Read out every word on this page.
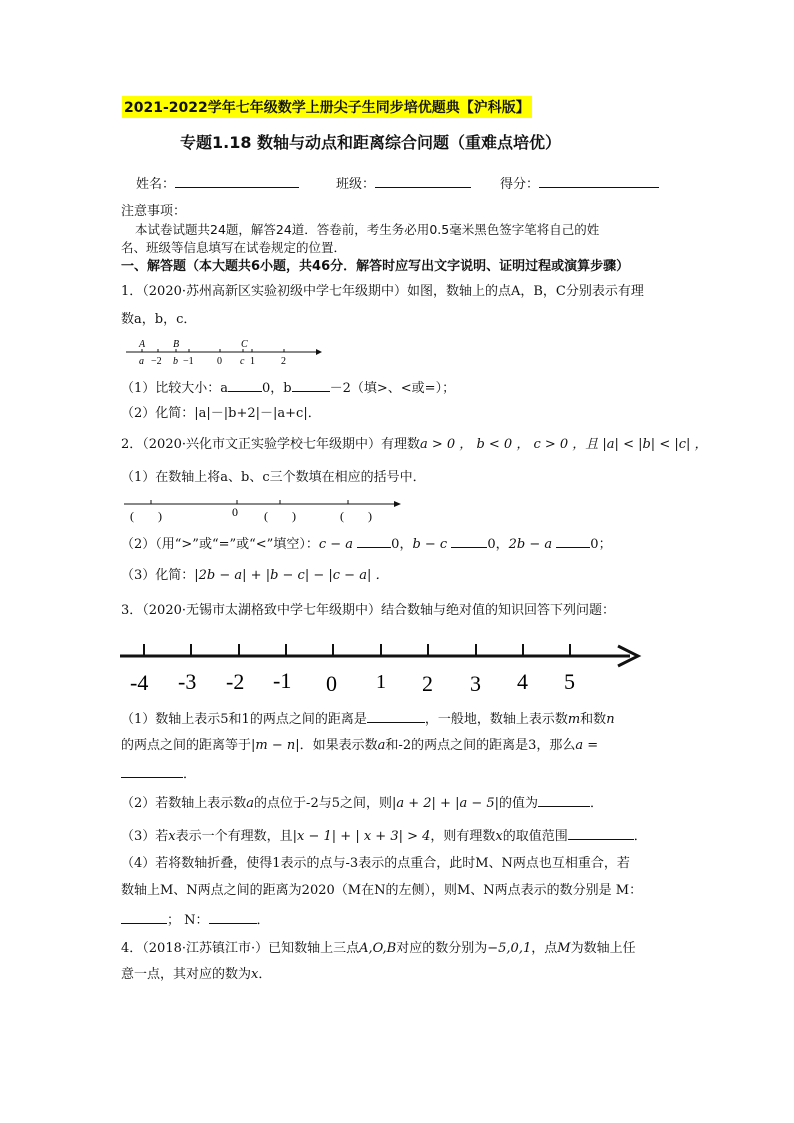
2021-2022学年七年级数学上册尖子生同步培优题典【沪科版】
专题1.18 数轴与动点和距离综合问题（重难点培优）
姓名：	班级：	得分：
注意事项：
本试卷试题共24题，解答24道．答卷前，考生务必用0.5毫米黑色签字笔将自己的姓
名、班级等信息填写在试卷规定的位置．
一、解答题（本大题共6小题，共46分．解答时应写出文字说明、证明过程或演算步骤）
1．（2020·苏州高新区实验初级中学七年级期中）如图，数轴上的点A，B，C分别表示有理
数a，b，c．
A	B	C
a −2 b −1 0 c 1	2
（1）比较大小：a	0，b	－2（填>、<或=）；
（2）化简：|a|－|b+2|－|a+c|．
2．（2020·兴化市文正实验学校七年级期中）有理数a > 0 ， b < 0 ， c > 0 ，且 |a| < |b| < |c| ，
（1）在数轴上将a、b、c三个数填在相应的括号中．
0
(　　)	(　　)	(　　)
（2）（用“>”或“=”或“<”填空）：c − a	0，b − c	0，2b − a	0；
（3）化简：|2b − a| + |b − c| − |c − a| ．
3．（2020·无锡市太湖格致中学七年级期中）结合数轴与绝对值的知识回答下列问题：
-4 -3 -2 -1 0 1 2 3 4 5
（1）数轴上表示5和1的两点之间的距离是	，一般地，数轴上表示数m和数n
的两点之间的距离等于|m − n|．如果表示数a和-2的两点之间的距离是3，那么a =
．
（2）若数轴上表示数a的点位于-2与5之间，则|a + 2| + |a − 5|的值为	．
（3）若x表示一个有理数，且|x − 1| + | x + 3| > 4，则有理数x的取值范围	．
（4）若将数轴折叠，使得1表示的点与-3表示的点重合，此时M、N两点也互相重合，若
数轴上M、N两点之间的距离为2020（M在N的左侧），则M、N两点表示的数分别是 M：
； N：	．
4．（2018·江苏镇江市·）已知数轴上三点A,O,B对应的数分别为−5,0,1，点M为数轴上任
意一点，其对应的数为x．
